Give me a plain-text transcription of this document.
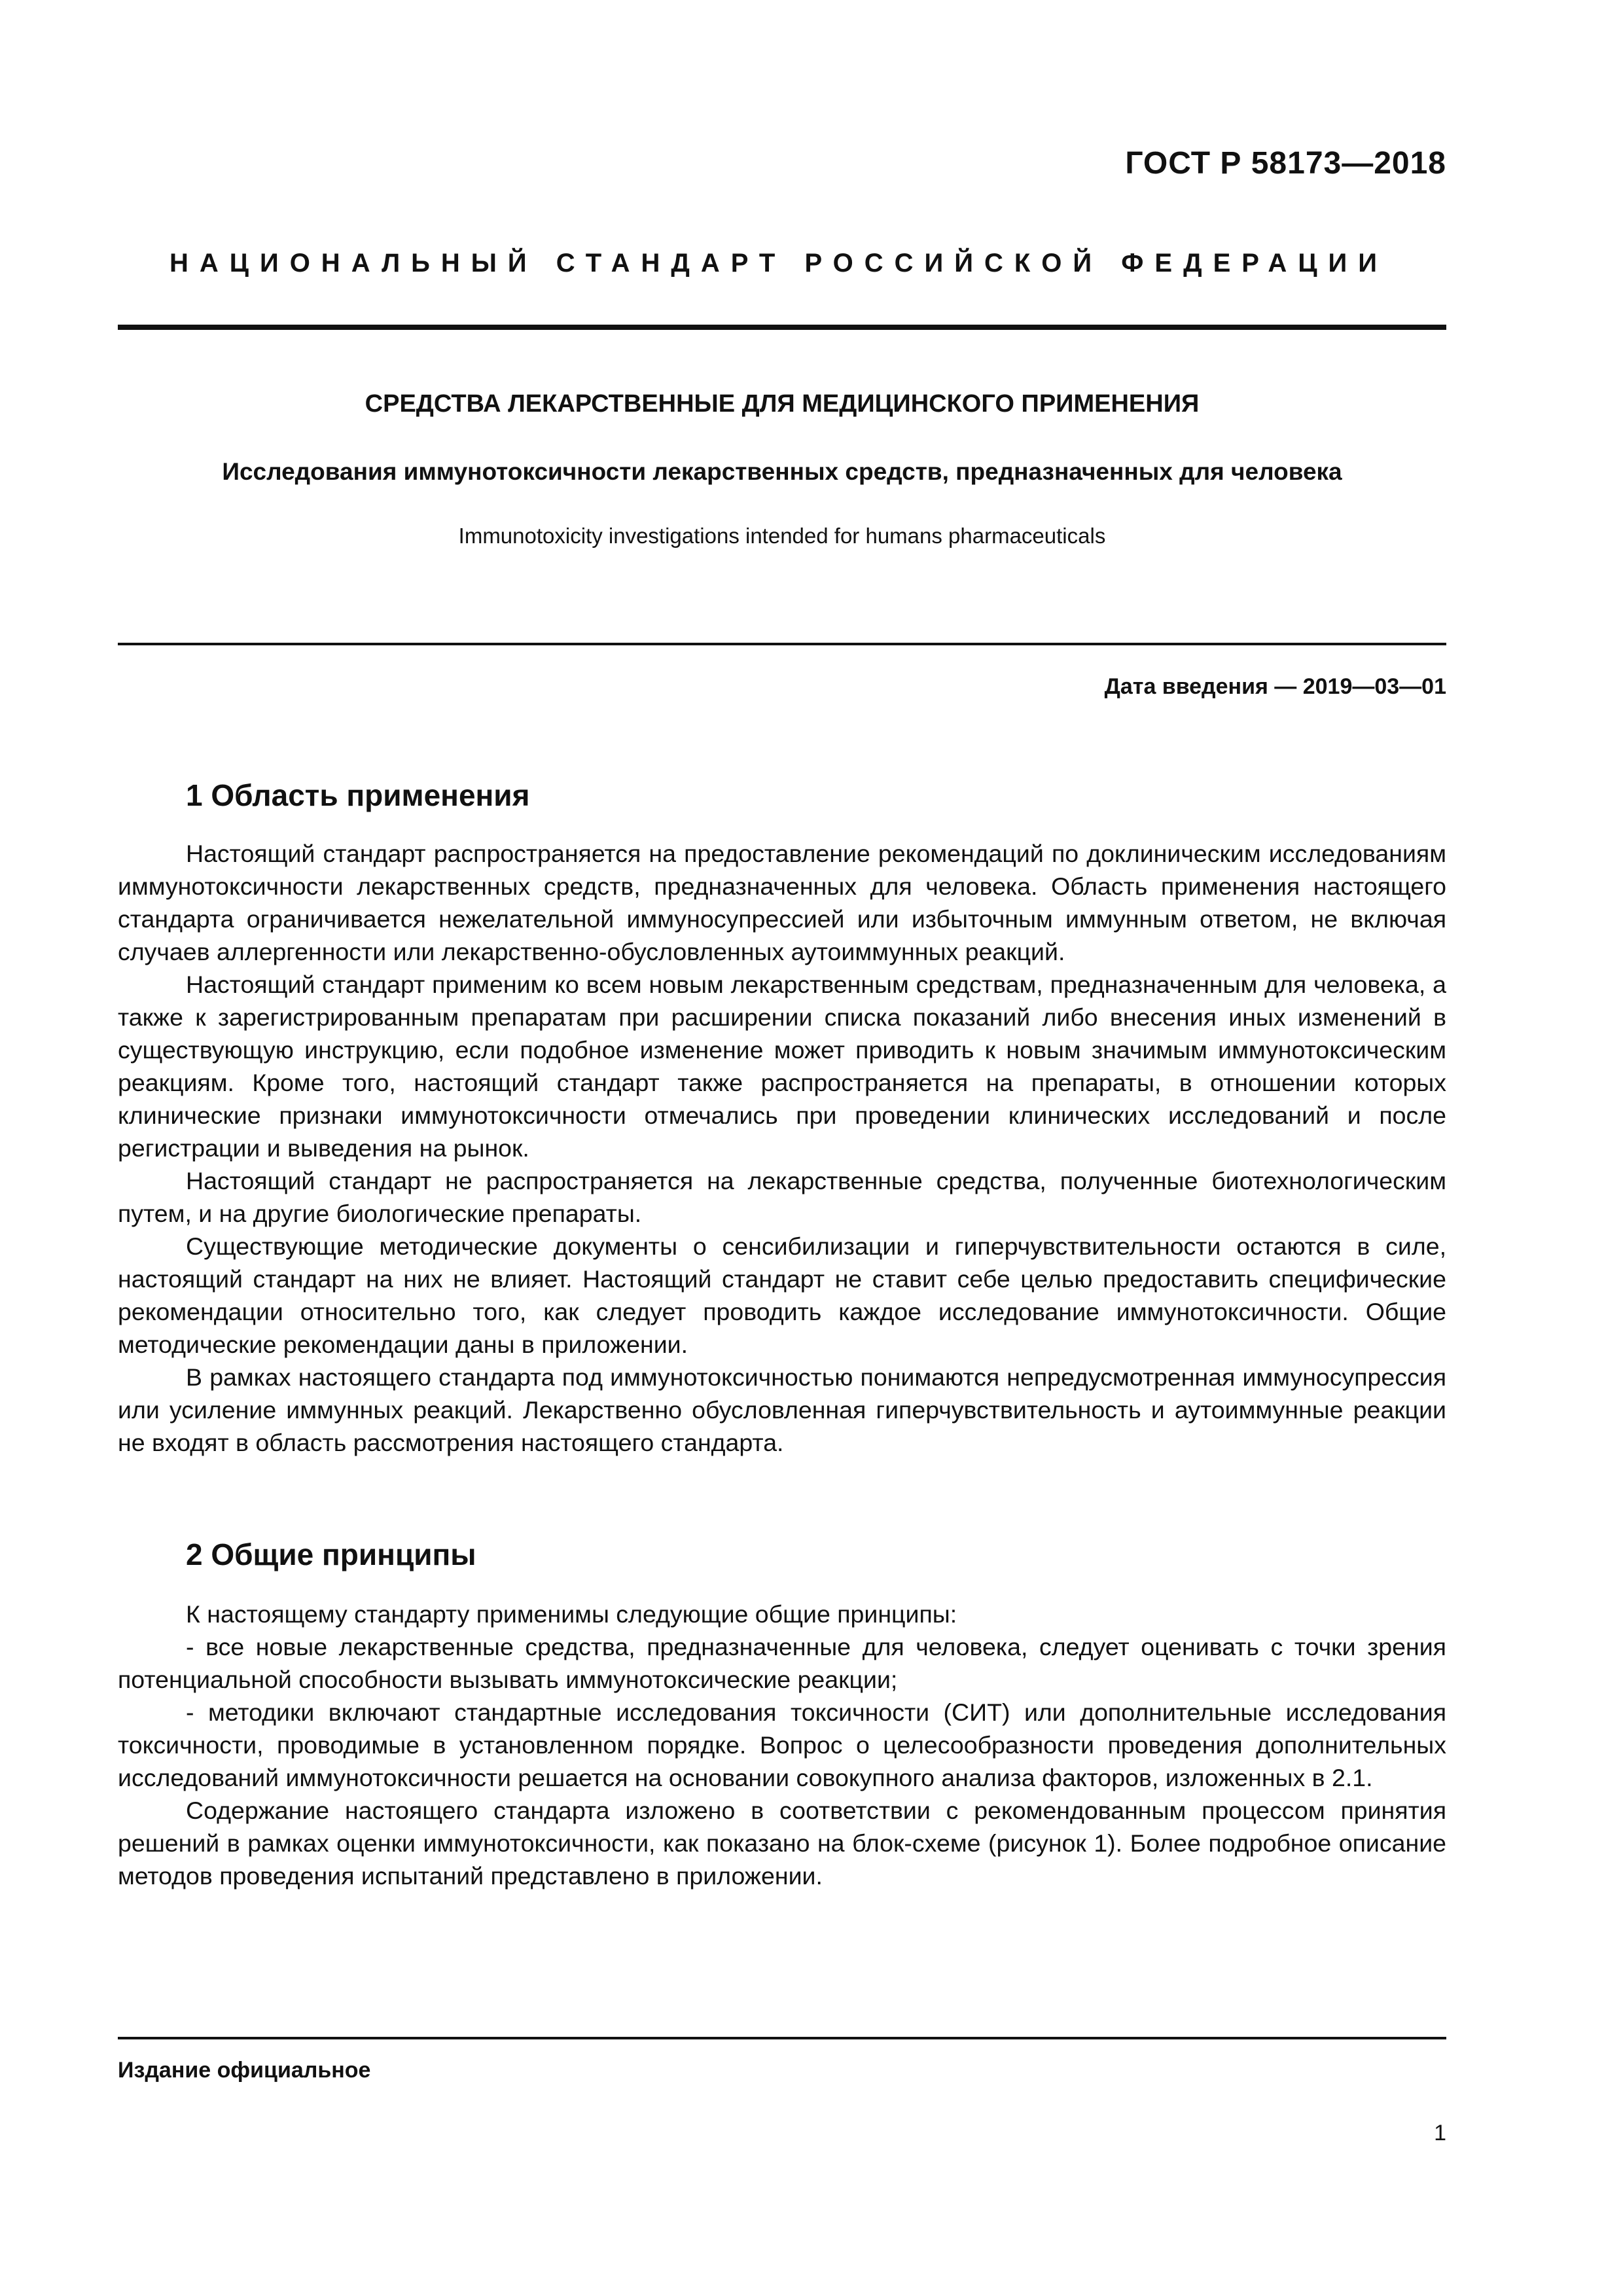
ГОСТ Р 58173—2018
НАЦИОНАЛЬНЫЙ СТАНДАРТ РОССИЙСКОЙ ФЕДЕРАЦИИ
СРЕДСТВА ЛЕКАРСТВЕННЫЕ ДЛЯ МЕДИЦИНСКОГО ПРИМЕНЕНИЯ
Исследования иммунотоксичности лекарственных средств, предназначенных для человека
Immunotoxicity investigations intended for humans pharmaceuticals
Дата введения — 2019—03—01
1 Область применения

Настоящий стандарт распространяется на предоставление рекомендаций по доклиническим исследованиям иммунотоксичности лекарственных средств, предназначенных для человека. Область применения настоящего стандарта ограничивается нежелательной иммуносупрессией или избыточным иммунным ответом, не включая случаев аллергенности или лекарственно-обусловленных аутоиммунных реакций.

Настоящий стандарт применим ко всем новым лекарственным средствам, предназначенным для человека, а также к зарегистрированным препаратам при расширении списка показаний либо внесения иных изменений в существующую инструкцию, если подобное изменение может приводить к новым значимым иммунотоксическим реакциям. Кроме того, настоящий стандарт также распространяется на препараты, в отношении которых клинические признаки иммунотоксичности отмечались при проведении клинических исследований и после регистрации и выведения на рынок.

Настоящий стандарт не распространяется на лекарственные средства, полученные биотехнологическим путем, и на другие биологические препараты.

Существующие методические документы о сенсибилизации и гиперчувствительности остаются в силе, настоящий стандарт на них не влияет. Настоящий стандарт не ставит себе целью предоставить специфические рекомендации относительно того, как следует проводить каждое исследование иммунотоксичности. Общие методические рекомендации даны в приложении.

В рамках настоящего стандарта под иммунотоксичностью понимаются непредусмотренная иммуносупрессия или усиление иммунных реакций. Лекарственно обусловленная гиперчувствительность и аутоиммунные реакции не входят в область рассмотрения настоящего стандарта.

2 Общие принципы

К настоящему стандарту применимы следующие общие принципы:

- все новые лекарственные средства, предназначенные для человека, следует оценивать с точки зрения потенциальной способности вызывать иммунотоксические реакции;

- методики включают стандартные исследования токсичности (СИТ) или дополнительные исследования токсичности, проводимые в установленном порядке. Вопрос о целесообразности проведения дополнительных исследований иммунотоксичности решается на основании совокупного анализа факторов, изложенных в 2.1.

Содержание настоящего стандарта изложено в соответствии с рекомендованным процессом принятия решений в рамках оценки иммунотоксичности, как показано на блок-схеме (рисунок 1). Более подробное описание методов проведения испытаний представлено в приложении.

Издание официальное
1
